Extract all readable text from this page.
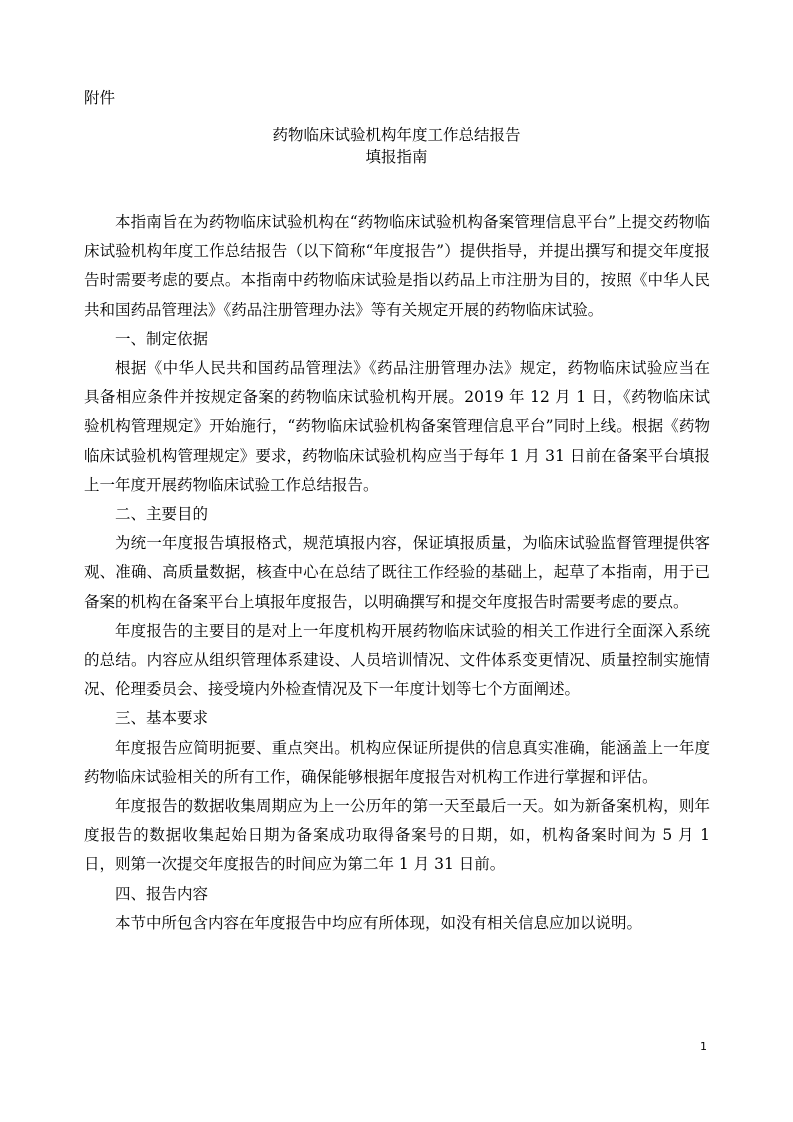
附件
药物临床试验机构年度工作总结报告
填报指南

本指南旨在为药物临床试验机构在“药物临床试验机构备案管理信息平台”上提交药物临床试验机构年度工作总结报告（以下简称“年度报告”）提供指导，并提出撰写和提交年度报告时需要考虑的要点。本指南中药物临床试验是指以药品上市注册为目的，按照《中华人民共和国药品管理法》《药品注册管理办法》等有关规定开展的药物临床试验。

一、制定依据

根据《中华人民共和国药品管理法》《药品注册管理办法》规定，药物临床试验应当在具备相应条件并按规定备案的药物临床试验机构开展。2019 年 12 月 1 日，《药物临床试验机构管理规定》开始施行，“药物临床试验机构备案管理信息平台”同时上线。根据《药物临床试验机构管理规定》要求，药物临床试验机构应当于每年 1 月 31 日前在备案平台填报上一年度开展药物临床试验工作总结报告。

二、主要目的

为统一年度报告填报格式，规范填报内容，保证填报质量，为临床试验监督管理提供客观、准确、高质量数据，核查中心在总结了既往工作经验的基础上，起草了本指南，用于已备案的机构在备案平台上填报年度报告，以明确撰写和提交年度报告时需要考虑的要点。

年度报告的主要目的是对上一年度机构开展药物临床试验的相关工作进行全面深入系统的总结。内容应从组织管理体系建设、人员培训情况、文件体系变更情况、质量控制实施情况、伦理委员会、接受境内外检查情况及下一年度计划等七个方面阐述。

三、基本要求

年度报告应简明扼要、重点突出。机构应保证所提供的信息真实准确，能涵盖上一年度药物临床试验相关的所有工作，确保能够根据年度报告对机构工作进行掌握和评估。

年度报告的数据收集周期应为上一公历年的第一天至最后一天。如为新备案机构，则年度报告的数据收集起始日期为备案成功取得备案号的日期，如，机构备案时间为 5 月 1 日，则第一次提交年度报告的时间应为第二年 1 月 31 日前。

四、报告内容

本节中所包含内容在年度报告中均应有所体现，如没有相关信息应加以说明。

1
